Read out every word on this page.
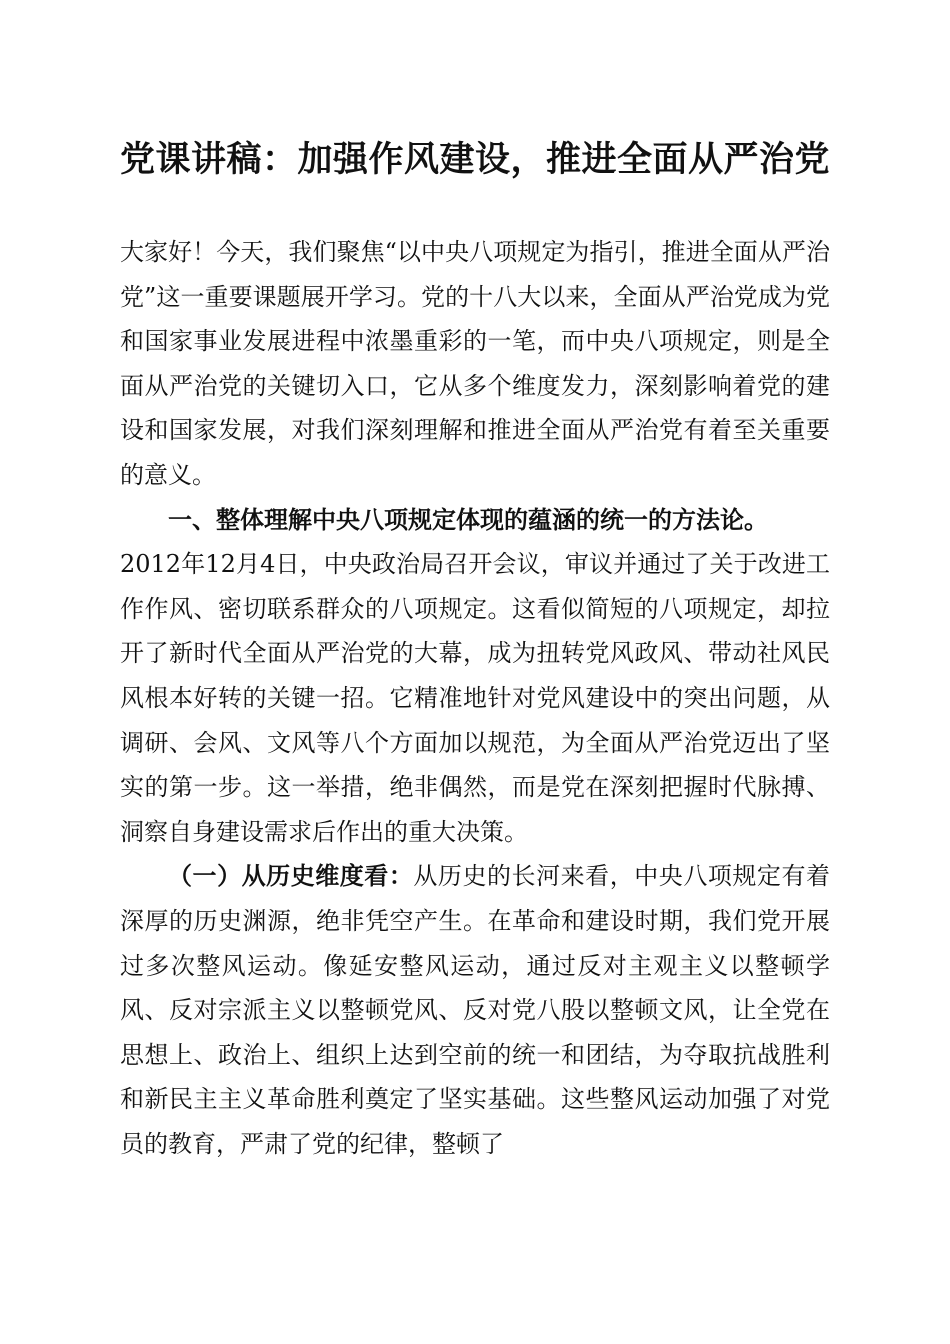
党课讲稿：加强作风建设，推进全面从严治党

大家好！今天，我们聚焦“以中央八项规定为指引，推进全面从严治党”这一重要课题展开学习。党的十八大以来，全面从严治党成为党和国家事业发展进程中浓墨重彩的一笔，而中央八项规定，则是全面从严治党的关键切入口，它从多个维度发力，深刻影响着党的建设和国家发展，对我们深刻理解和推进全面从严治党有着至关重要的意义。

一、整体理解中央八项规定体现的蕴涵的统一的方法论。

2012年12月4日，中央政治局召开会议，审议并通过了关于改进工作作风、密切联系群众的八项规定。这看似简短的八项规定，却拉开了新时代全面从严治党的大幕，成为扭转党风政风、带动社风民风根本好转的关键一招。它精准地针对党风建设中的突出问题，从调研、会风、文风等八个方面加以规范，为全面从严治党迈出了坚实的第一步。这一举措，绝非偶然，而是党在深刻把握时代脉搏、洞察自身建设需求后作出的重大决策。

（一）从历史维度看：从历史的长河来看，中央八项规定有着深厚的历史渊源，绝非凭空产生。在革命和建设时期，我们党开展过多次整风运动。像延安整风运动，通过反对主观主义以整顿学风、反对宗派主义以整顿党风、反对党八股以整顿文风，让全党在思想上、政治上、组织上达到空前的统一和团结，为夺取抗战胜利和新民主主义革命胜利奠定了坚实基础。这些整风运动加强了对党员的教育，严肃了党的纪律，整顿了
